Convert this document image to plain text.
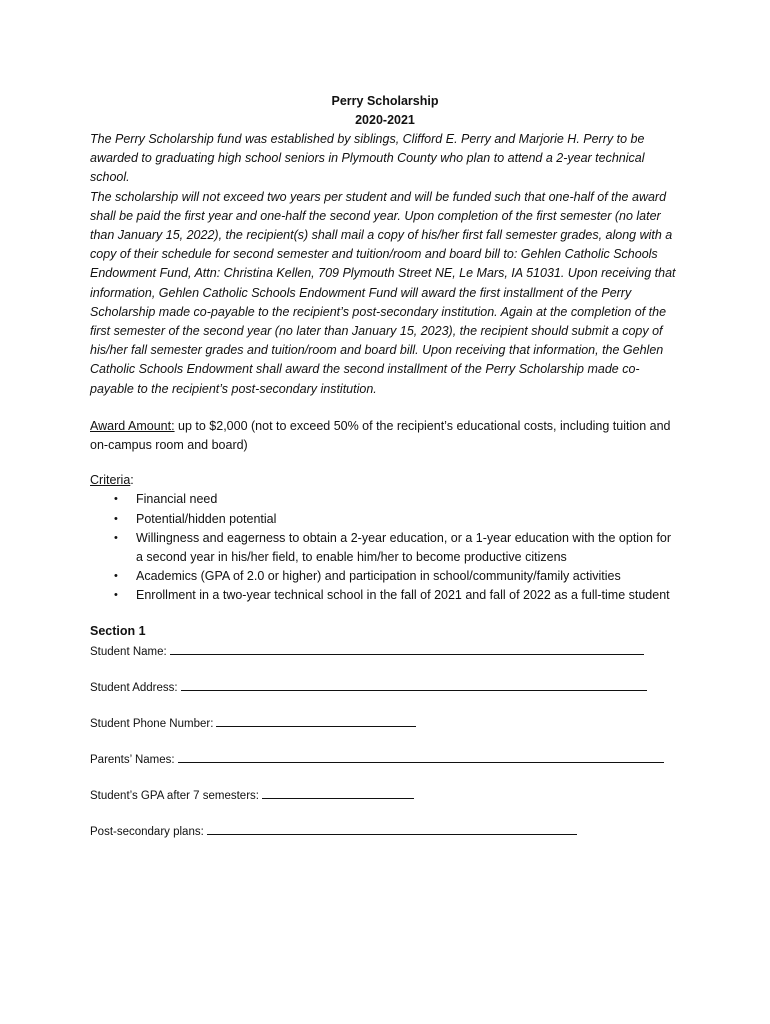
Perry Scholarship

2020-2021

The Perry Scholarship fund was established by siblings, Clifford E. Perry and Marjorie H. Perry to be awarded to graduating high school seniors in Plymouth County who plan to attend a 2-year technical school.

The scholarship will not exceed two years per student and will be funded such that one-half of the award shall be paid the first year and one-half the second year. Upon completion of the first semester (no later than January 15, 2022), the recipient(s) shall mail a copy of his/her first fall semester grades, along with a copy of their schedule for second semester and tuition/room and board bill to: Gehlen Catholic Schools Endowment Fund, Attn: Christina Kellen, 709 Plymouth Street NE, Le Mars, IA 51031. Upon receiving that information, Gehlen Catholic Schools Endowment Fund will award the first installment of the Perry Scholarship made co-payable to the recipient’s post-secondary institution. Again at the completion of the first semester of the second year (no later than January 15, 2023), the recipient should submit a copy of his/her fall semester grades and tuition/room and board bill. Upon receiving that information, the Gehlen Catholic Schools Endowment shall award the second installment of the Perry Scholarship made co-payable to the recipient’s post-secondary institution.

Award Amount: up to $2,000 (not to exceed 50% of the recipient’s educational costs, including tuition and on-campus room and board)

Criteria:

• Financial need
• Potential/hidden potential
• Willingness and eagerness to obtain a 2-year education, or a 1-year education with the option for a second year in his/her field, to enable him/her to become productive citizens
• Academics (GPA of 2.0 or higher) and participation in school/community/family activities
• Enrollment in a two-year technical school in the fall of 2021 and fall of 2022 as a full-time student

Section 1

Student Name:

Student Address:

Student Phone Number:

Parents’ Names:

Student’s GPA after 7 semesters:

Post-secondary plans:
